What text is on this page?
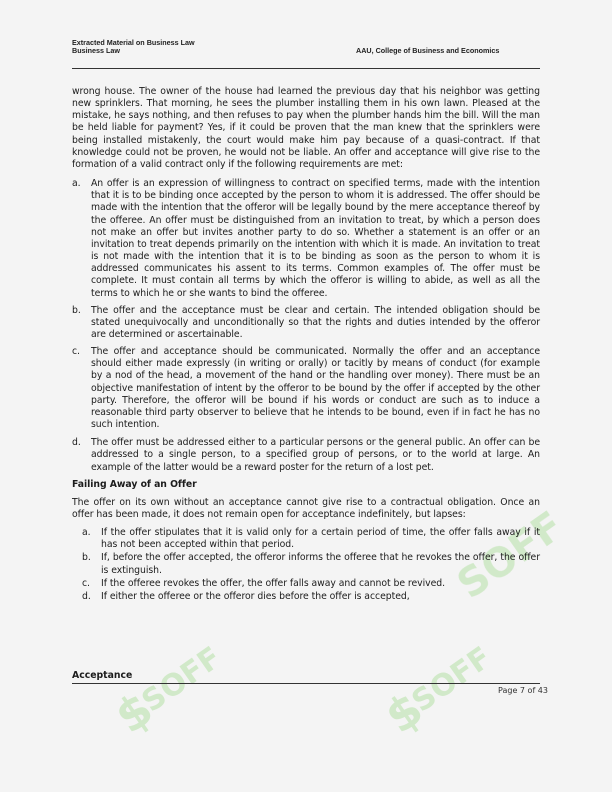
$
SOFF	$
SOFF
SOFF
Extracted Material on Business Law
Business Law	AAU, College of Business and Economics

wrong house. The owner of the house had learned the previous day that his neighbor was getting new sprinklers. That morning, he sees the plumber installing them in his own lawn. Pleased at the mistake, he says nothing, and then refuses to pay when the plumber hands him the bill. Will the man be held liable for payment? Yes, if it could be proven that the man knew that the sprinklers were being installed mistakenly, the court would make him pay because of a quasi-contract. If that knowledge could not be proven, he would not be liable. An offer and acceptance will give rise to the formation of a valid contract only if the following requirements are met:

a. An offer is an expression of willingness to contract on specified terms, made with the intention that it is to be binding once accepted by the person to whom it is addressed. The offer should be made with the intention that the offeror will be legally bound by the mere acceptance thereof by the offeree. An offer must be distinguished from an invitation to treat, by which a person does not make an offer but invites another party to do so. Whether a statement is an offer or an invitation to treat depends primarily on the intention with which it is made. An invitation to treat is not made with the intention that it is to be binding as soon as the person to whom it is addressed communicates his assent to its terms. Common examples of. The offer must be complete. It must contain all terms by which the offeror is willing to abide, as well as all the terms to which he or she wants to bind the offeree.
b. The offer and the acceptance must be clear and certain. The intended obligation should be stated unequivocally and unconditionally so that the rights and duties intended by the offeror are determined or ascertainable.
c. The offer and acceptance should be communicated. Normally the offer and an acceptance should either made expressly (in writing or orally) or tacitly by means of conduct (for example by a nod of the head, a movement of the hand or the handling over money). There must be an objective manifestation of intent by the offeror to be bound by the offer if accepted by the other party. Therefore, the offeror will be bound if his words or conduct are such as to induce a reasonable third party observer to believe that he intends to be bound, even if in fact he has no such intention.
d. The offer must be addressed either to a particular persons or the general public. An offer can be addressed to a single person, to a specified group of persons, or to the world at large. An example of the latter would be a reward poster for the return of a lost pet.
Failing Away of an Offer

The offer on its own without an acceptance cannot give rise to a contractual obligation. Once an offer has been made, it does not remain open for acceptance indefinitely, but lapses:

a. If the offer stipulates that it is valid only for a certain period of time, the offer falls away if it has not been accepted within that period.
b. If, before the offer accepted, the offeror informs the offeree that he revokes the offer, the offer is extinguish.
c. If the offeree revokes the offer, the offer falls away and cannot be revived.
d. If either the offeree or the offeror dies before the offer is accepted,
Acceptance
Page 7 of 43
